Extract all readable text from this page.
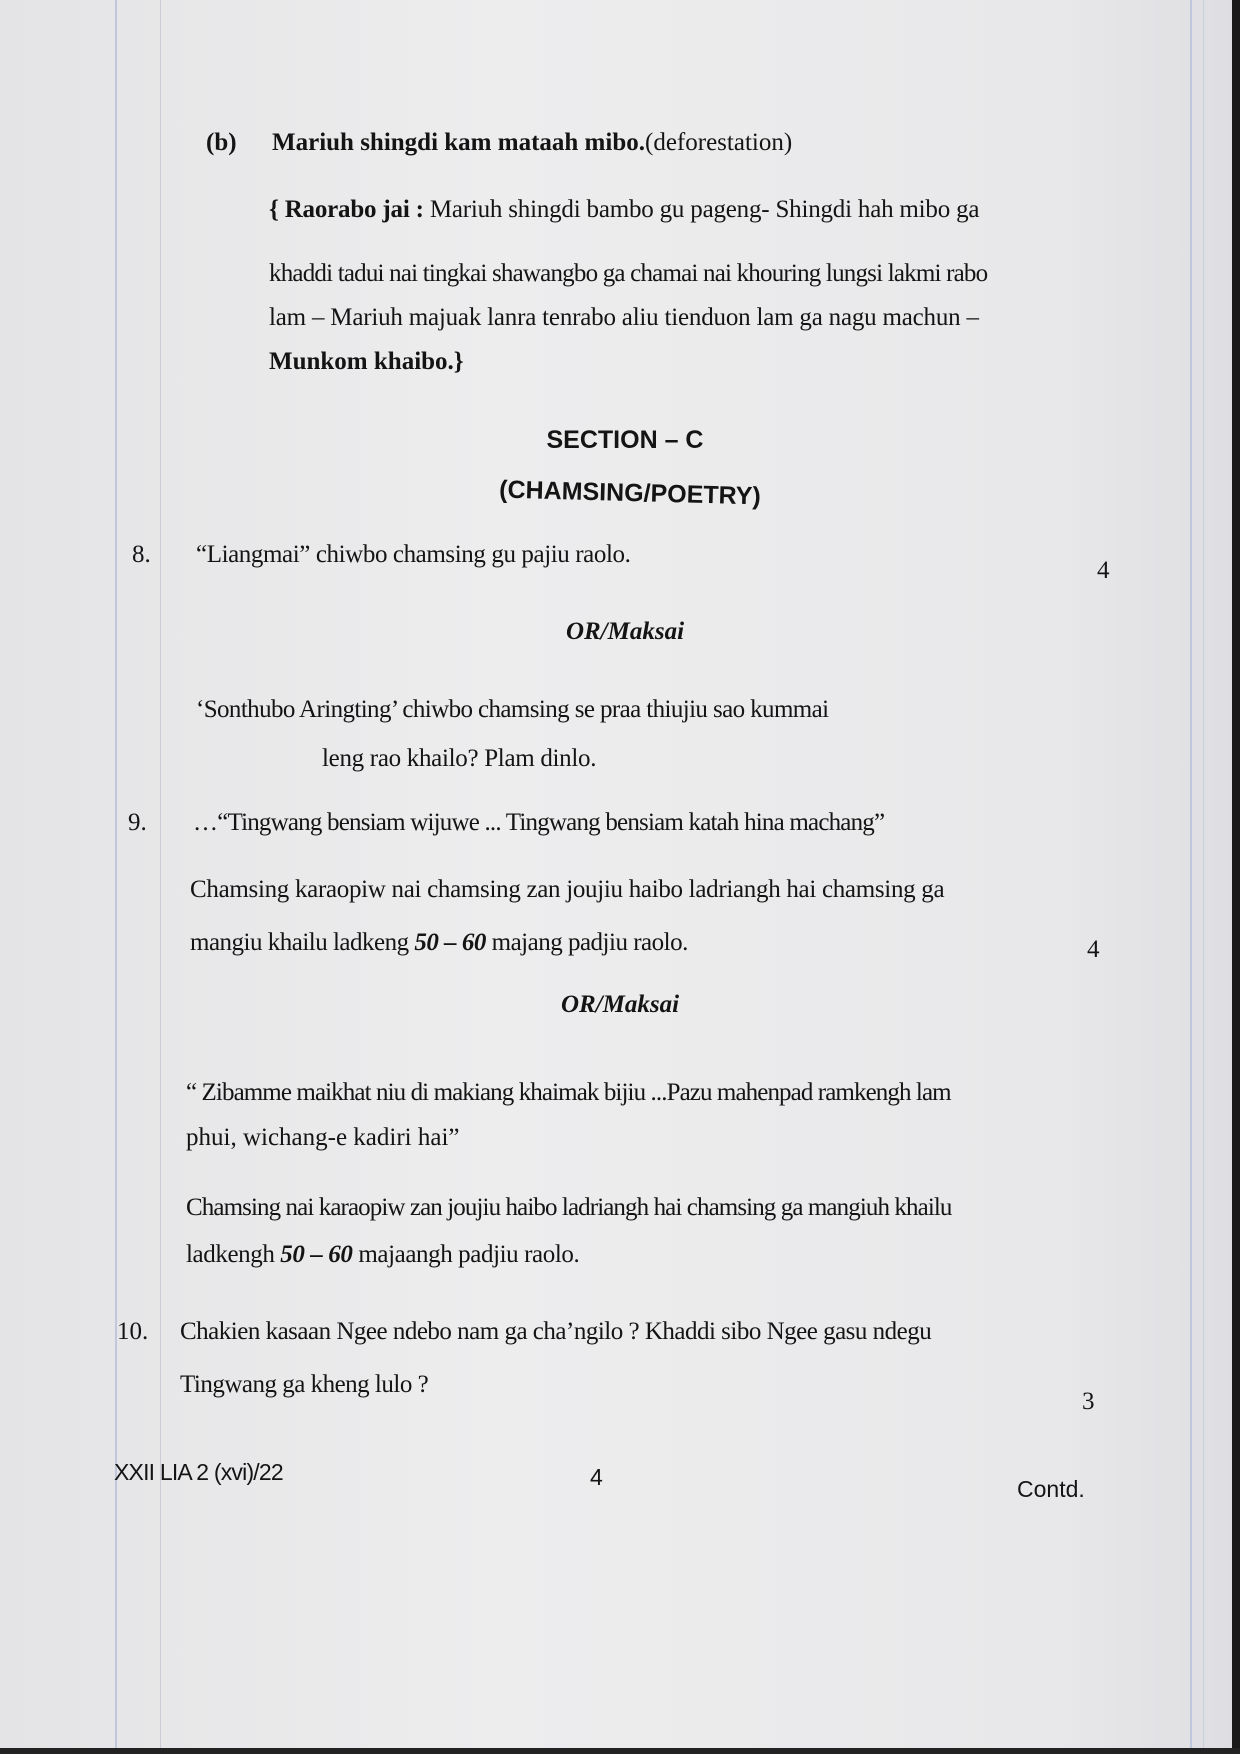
(b) Mariuh shingdi kam mataah mibo.(deforestation)
{ Raorabo jai : Mariuh shingdi bambo gu pageng- Shingdi hah mibo ga
khaddi tadui nai tingkai shawangbo ga chamai nai khouring lungsi lakmi rabo
lam – Mariuh majuak lanra tenrabo aliu tienduon lam ga nagu machun –
Munkom khaibo.}
SECTION – C
(CHAMSING/POETRY)
8. “Liangmai” chiwbo chamsing gu pajiu raolo.
4
OR/Maksai
‘Sonthubo Aringting’ chiwbo chamsing se praa thiujiu sao kummai
leng rao khailo? Plam dinlo.
9. …“Tingwang bensiam wijuwe ... Tingwang bensiam katah hina machang”
Chamsing karaopiw nai chamsing zan joujiu haibo ladriangh hai chamsing ga
mangiu khailu ladkeng 50 – 60 majang padjiu raolo.	4
OR/Maksai
“ Zibamme maikhat niu di makiang khaimak bijiu ...Pazu mahenpad ramkengh lam
phui, wichang-e kadiri hai”
Chamsing nai karaopiw zan joujiu haibo ladriangh hai chamsing ga mangiuh khailu
ladkengh 50 – 60 majaangh padjiu raolo.
10. Chakien kasaan Ngee ndebo nam ga cha’ngilo ? Khaddi sibo Ngee gasu ndegu
Tingwang ga kheng lulo ?
3
XXII LIA 2 (xvi)/22	4	Contd.
